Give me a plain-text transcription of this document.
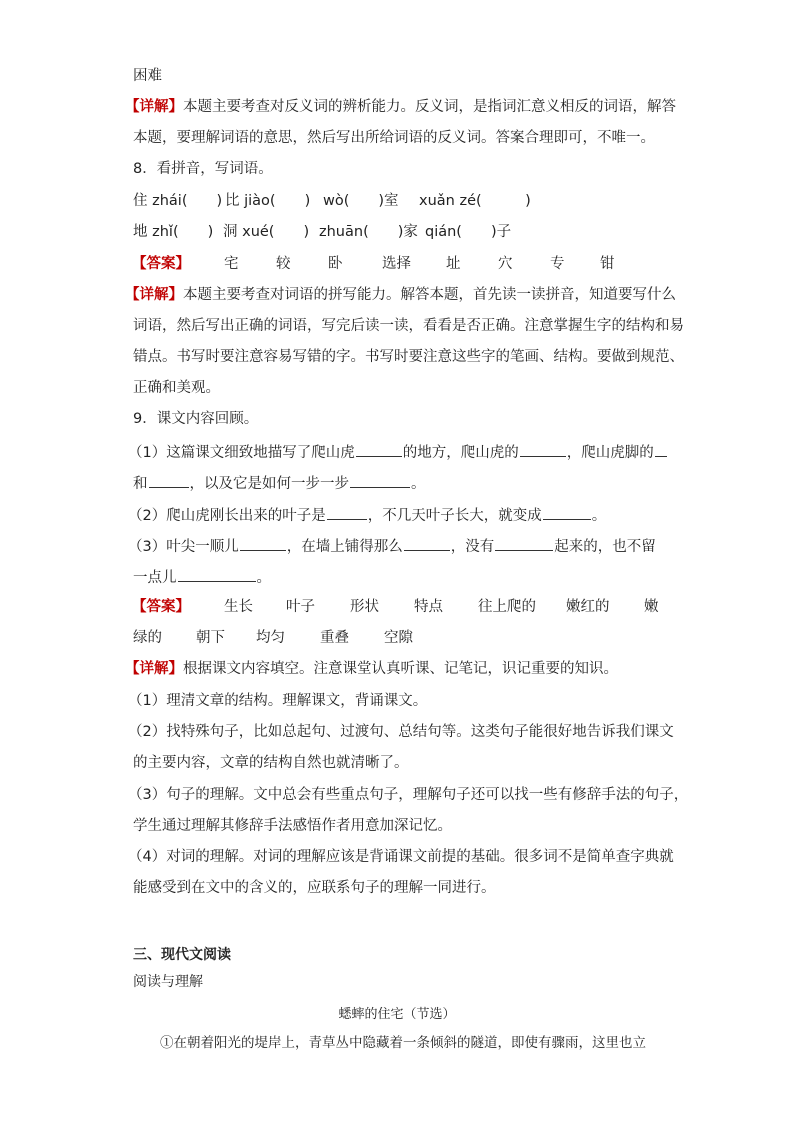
困难
【详解】本题主要考查对反义词的辨析能力。反义词，是指词汇意义相反的词语，解答
本题，要理解词语的意思，然后写出所给词语的反义词。答案合理即可，不唯一。
8．看拼音，写词语。
住 zhái(　　) 比 jiào(　　) wò(　　)室 xuǎn zé(　　　)
地 zhǐ(　　) 洞 xué(　　) zhuān(　　)家 qián(　　)子
【答案】 宅	较	卧	选择 址	穴	专 钳
【详解】本题主要考查对词语的拼写能力。解答本题，首先读一读拼音，知道要写什么
词语，然后写出正确的词语，写完后读一读，看看是否正确。注意掌握生字的结构和易
错点。书写时要注意容易写错的字。书写时要注意这些字的笔画、结构。要做到规范、
正确和美观。
9．课文内容回顾。
（1）这篇课文细致地描写了爬山虎	的地方，爬山虎的	，爬山虎脚的
和	，以及它是如何一步一步	。
（2）爬山虎刚长出来的叶子是	，不几天叶子长大，就变成	。
（3）叶尖一顺儿	，在墙上铺得那么	，没有	起来的，也不留
一点儿	。
【答案】 生长 叶子 形状 特点 往上爬的 嫩红的 嫩
绿的 朝下 均匀 重叠 空隙
【详解】根据课文内容填空。注意课堂认真听课、记笔记，识记重要的知识。
（1）理清文章的结构。理解课文，背诵课文。
（2）找特殊句子，比如总起句、过渡句、总结句等。这类句子能很好地告诉我们课文
的主要内容，文章的结构自然也就清晰了。
（3）句子的理解。文中总会有些重点句子，理解句子还可以找一些有修辞手法的句子，
学生通过理解其修辞手法感悟作者用意加深记忆。
（4）对词的理解。对词的理解应该是背诵课文前提的基础。很多词不是简单查字典就
能感受到在文中的含义的，应联系句子的理解一同进行。
三、现代文阅读
阅读与理解
蟋蟀的住宅（节选）
①在朝着阳光的堤岸上，青草丛中隐藏着一条倾斜的隧道，即使有骤雨，这里也立
